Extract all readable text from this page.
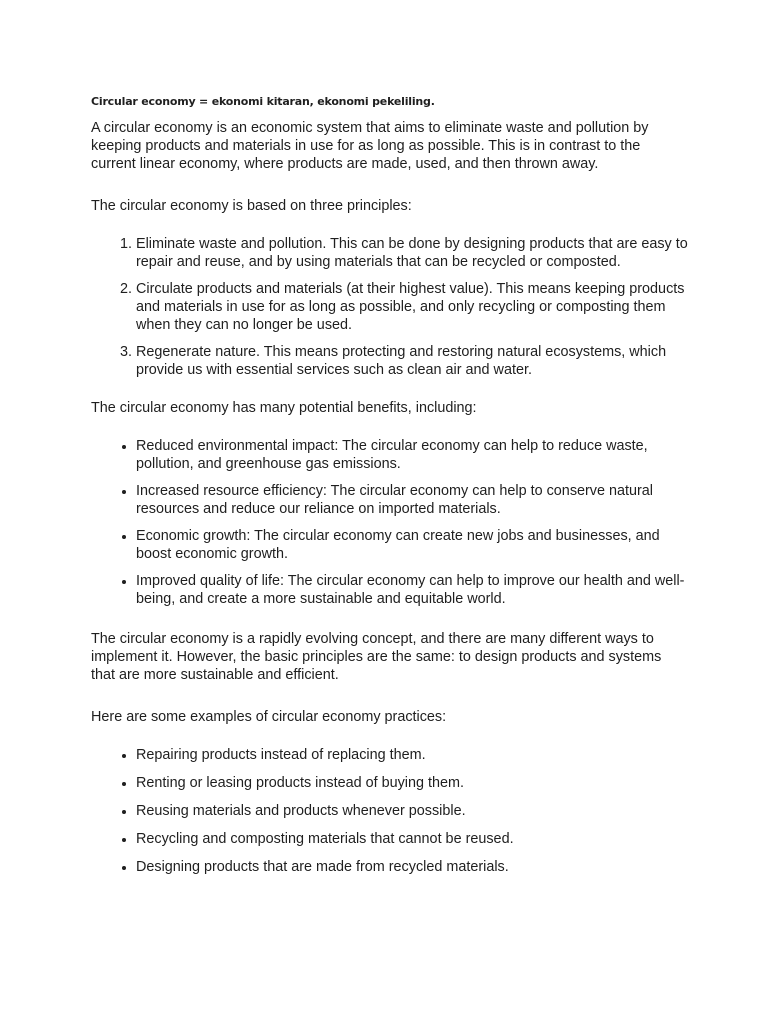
Circular economy = ekonomi kitaran, ekonomi pekeliling.

A circular economy is an economic system that aims to eliminate waste and pollution by keeping products and materials in use for as long as possible. This is in contrast to the current linear economy, where products are made, used, and then thrown away.

The circular economy is based on three principles:

1. Eliminate waste and pollution. This can be done by designing products that are easy to repair and reuse, and by using materials that can be recycled or composted.
2. Circulate products and materials (at their highest value). This means keeping products and materials in use for as long as possible, and only recycling or composting them when they can no longer be used.
3. Regenerate nature. This means protecting and restoring natural ecosystems, which provide us with essential services such as clean air and water.

The circular economy has many potential benefits, including:

• Reduced environmental impact: The circular economy can help to reduce waste, pollution, and greenhouse gas emissions.
• Increased resource efficiency: The circular economy can help to conserve natural resources and reduce our reliance on imported materials.
• Economic growth: The circular economy can create new jobs and businesses, and boost economic growth.
• Improved quality of life: The circular economy can help to improve our health and well-being, and create a more sustainable and equitable world.

The circular economy is a rapidly evolving concept, and there are many different ways to implement it. However, the basic principles are the same: to design products and systems that are more sustainable and efficient.

Here are some examples of circular economy practices:

• Repairing products instead of replacing them.
• Renting or leasing products instead of buying them.
• Reusing materials and products whenever possible.
• Recycling and composting materials that cannot be reused.
• Designing products that are made from recycled materials.
